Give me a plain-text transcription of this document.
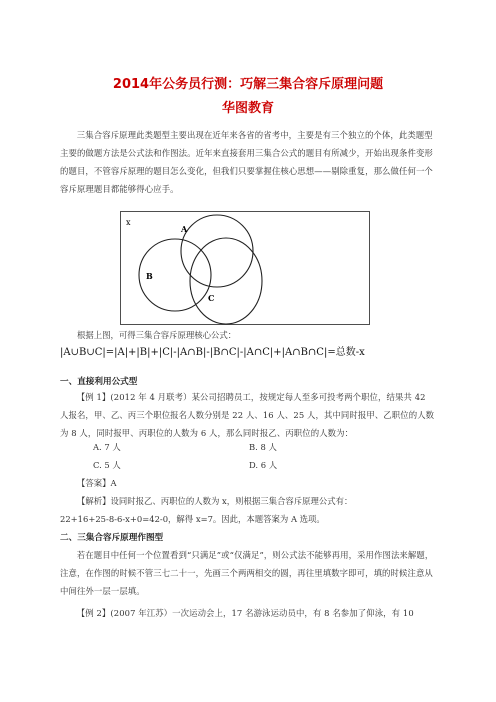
2014年公务员行测：巧解三集合容斥原理问题
华图教育
三集合容斥原理此类题型主要出现在近年来各省的省考中，主要是有三个独立的个体，此类题型主要的做题方法是公式法和作图法。近年来直接套用三集合公式的题目有所减少，开始出现条件变形的题目，不管容斥原理的题目怎么变化，但我们只要掌握住核心思想——剔除重复，那么做任何一个容斥原理题目都能够得心应手。
x
A
B
C
根据上图，可得三集合容斥原理核心公式：
|A∪B∪C|=|A|+|B|+|C|-|A∩B|-|B∩C|-|A∩C|+|A∩B∩C|=总数-x
一、直接利用公式型
【例 1】(2012 年 4 月联考）某公司招聘员工，按规定每人至多可投考两个职位，结果共 42 人报名，甲、乙、丙三个职位报名人数分别是 22 人、16 人、25 人，其中同时报甲、乙职位的人数为 8 人，同时报甲、丙职位的人数为 6 人，那么同时报乙、丙职位的人数为：
A. 7 人	B. 8 人
C. 5 人	D. 6 人
【答案】A
【解析】设同时报乙、丙职位的人数为 x，则根据三集合容斥原理公式有：
22+16+25-8-6-x+0=42-0，解得 x=7。因此，本题答案为 A 选项。
二、三集合容斥原理作图型
若在题目中任何一个位置看到“只满足”或“仅满足”，则公式法不能够再用，采用作图法来解题，注意，在作图的时候不管三七二十一，先画三个两两相交的圆，再往里填数字即可，填的时候注意从中间往外一层一层填。
【例 2】(2007 年江苏）一次运动会上，17 名游泳运动员中，有 8 名参加了仰泳，有 10
